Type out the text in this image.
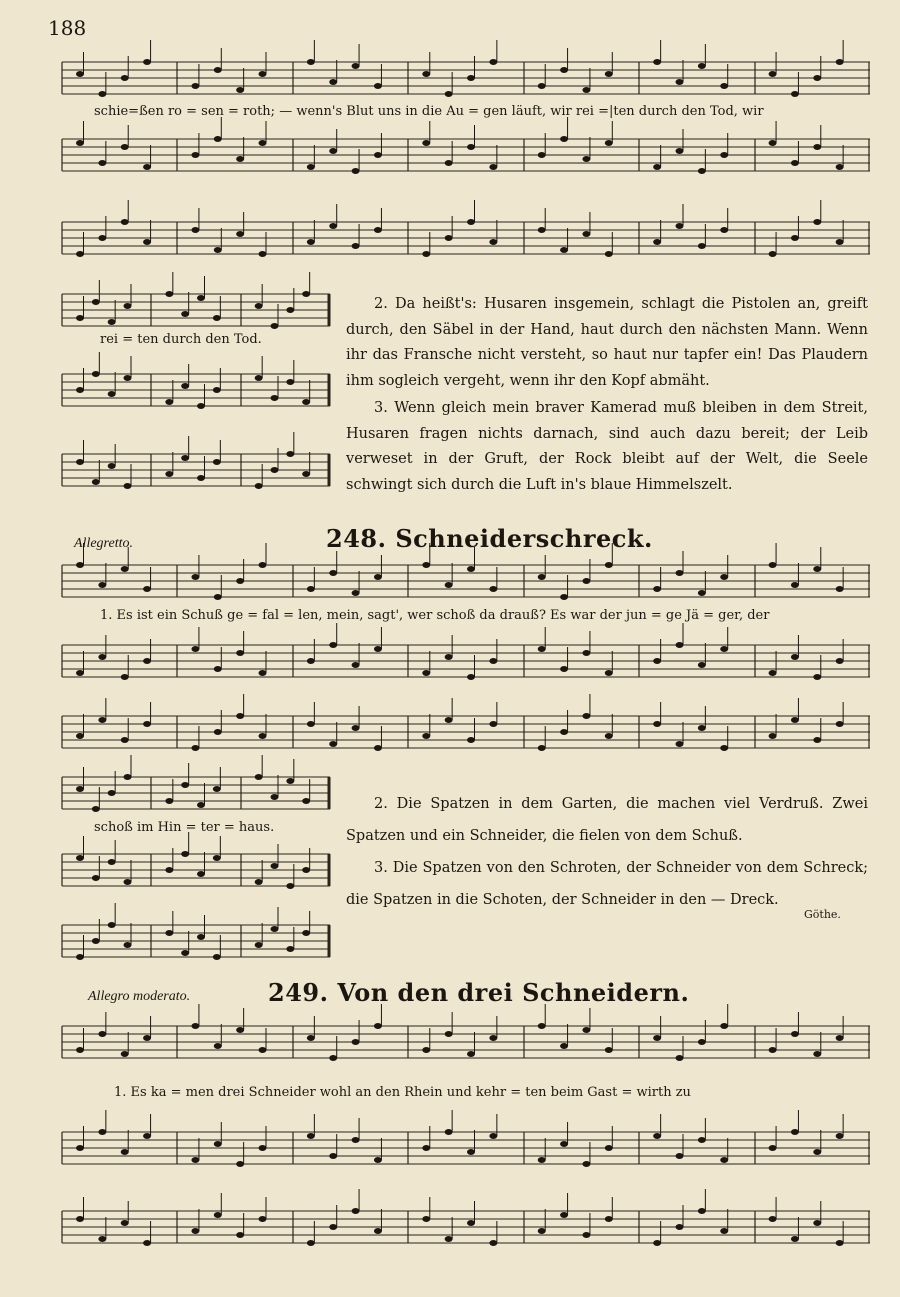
188
schie=ßen ro = sen = roth; — wenn's Blut uns in die Au = gen läuft, wir rei =|ten durch den Tod, wir
rei = ten durch den Tod.

2. Da heißt's: Husaren insgemein, schlagt die Pistolen an, greift durch, den Säbel in der Hand, haut durch den nächsten Mann. Wenn ihr das Fransche nicht versteht, so haut nur tapfer ein! Das Plaudern ihm sogleich vergeht, wenn ihr den Kopf abmäht.

3. Wenn gleich mein braver Kamerad muß bleiben in dem Streit, Husaren fragen nichts darnach, sind auch dazu bereit; der Leib verweset in der Gruft, der Rock bleibt auf der Welt, die Seele schwingt sich durch die Luft in's blaue Himmelszelt.

Allegretto.	248. Schneiderschreck.
1. Es ist ein Schuß ge = fal = len, mein, sagt', wer schoß da drauß? Es war der jun = ge Jä = ger, der
schoß im Hin = ter = haus.

2. Die Spatzen in dem Garten, die machen viel Verdruß. Zwei Spatzen und ein Schneider, die fielen von dem Schuß.

3. Die Spatzen von den Schroten, der Schneider von dem Schreck; die Spatzen in die Schoten, der Schneider in den — Dreck.

Göthe.
Allegro moderato.	249. Von den drei Schneidern.
1. Es ka = men drei Schneider wohl an den Rhein und kehr = ten beim Gast = wirth zu
